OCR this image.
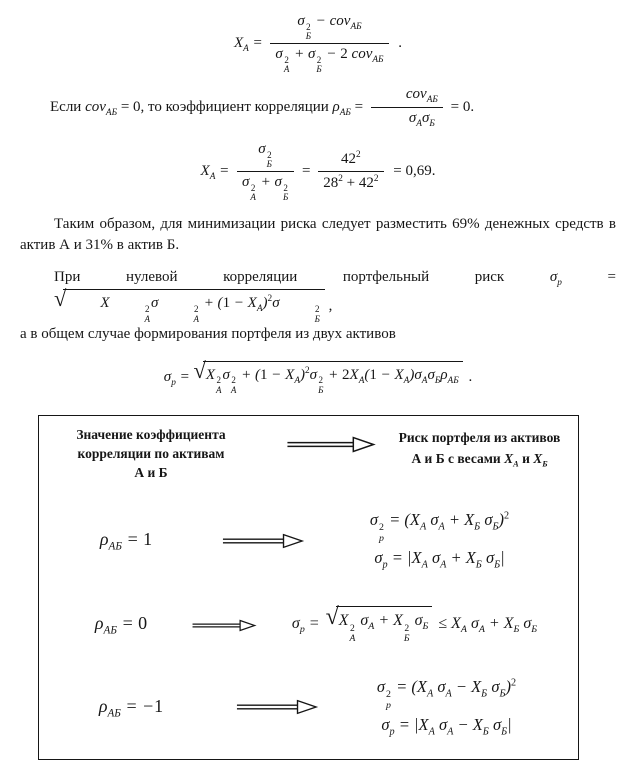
$X_А = \sigma$ 2
Б
− cov$_{АБ}$
σ 2
А
+ σ 2
Б
− 2 cov$_{АБ}$ .
Если cov$_{АБ}$ = 0, то коэффициент корреляции $\rho_{АБ} = \frac{cov_{АБ}}{\sigma_А\sigma_Б} = 0$.
$X_А = \sigma$ 2
Б
σ 2
А
+ σ 2
$Б = \frac{42^2}{28^2 + 42^2} = 0,69$.
Таким образом, для минимизации риска следует разместить 69% денежных средств в актив А и 31% в актив Б.
При нулевой корреляции портфельный риск $\sigma_p$ =
√	X	2
А
σ	2
А
+ $(1 - X_А)^2\sigma$	2
Б
,
а в общем случае формирования портфеля из двух активов
$\sigma_p$ = √ X 2
А
σ 2
А
+ $(1 - X_А)^2\sigma$ 2
Б
+ $2X_А(1 - X_А)\sigma_А\sigma_Б\rho_{АБ}$ .
Значение коэффициента
корреляции по активам
А и Б
Риск портфеля из активов
А и Б с весами $X_А$ и $X_Б$
$\rho_{АБ} = 1$
σ 2
p
= ($X_А$ $\sigma_А + X_Б$ $\sigma_Б)^2$
$\sigma_p = |X_А$ $\sigma_А + X_Б$ $\sigma_Б|$
$\rho_{АБ} = 0$	$\sigma_p$ = √ X 2
А
$\sigma_А + X$ 2
Б
$\sigma_Б \le X_А$ $\sigma_А + X_Б$ $\sigma_Б$
$\rho_{АБ} = -1$
σ 2
p
= ($X_А$ $\sigma_А - X_Б$ $\sigma_Б)^2$
$\sigma_p = |X_А$ $\sigma_А - X_Б$ $\sigma_Б|$
